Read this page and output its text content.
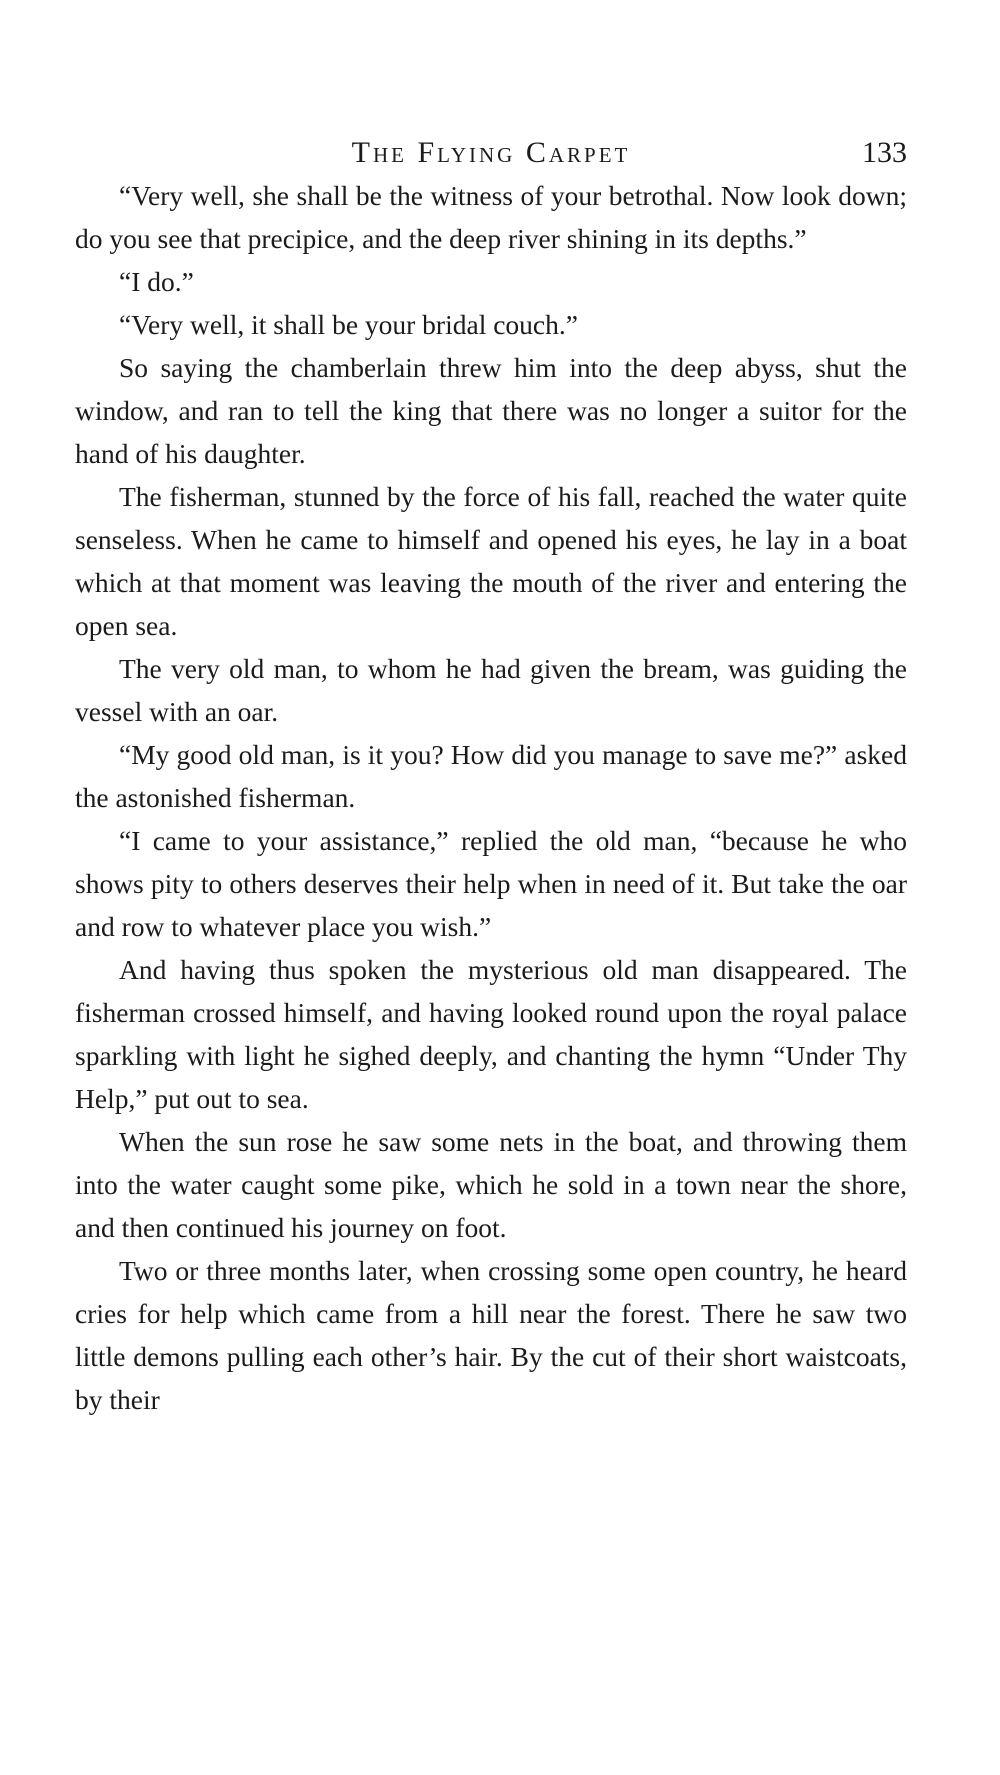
The Flying Carpet	133

“Very well, she shall be the witness of your betrothal. Now look down; do you see that precipice, and the deep river shining in its depths.”

“I do.”

“Very well, it shall be your bridal couch.”

So saying the chamberlain threw him into the deep abyss, shut the window, and ran to tell the king that there was no longer a suitor for the hand of his daughter.

The fisherman, stunned by the force of his fall, reached the water quite senseless. When he came to himself and opened his eyes, he lay in a boat which at that moment was leaving the mouth of the river and entering the open sea.

The very old man, to whom he had given the bream, was guiding the vessel with an oar.

“My good old man, is it you? How did you manage to save me?” asked the astonished fisherman.

“I came to your assistance,” replied the old man, “because he who shows pity to others deserves their help when in need of it. But take the oar and row to whatever place you wish.”

And having thus spoken the mysterious old man disappeared. The fisherman crossed himself, and having looked round upon the royal palace sparkling with light he sighed deeply, and chanting the hymn “Under Thy Help,” put out to sea.

When the sun rose he saw some nets in the boat, and throwing them into the water caught some pike, which he sold in a town near the shore, and then continued his journey on foot.

Two or three months later, when crossing some open country, he heard cries for help which came from a hill near the forest. There he saw two little demons pulling each other’s hair. By the cut of their short waistcoats, by their
